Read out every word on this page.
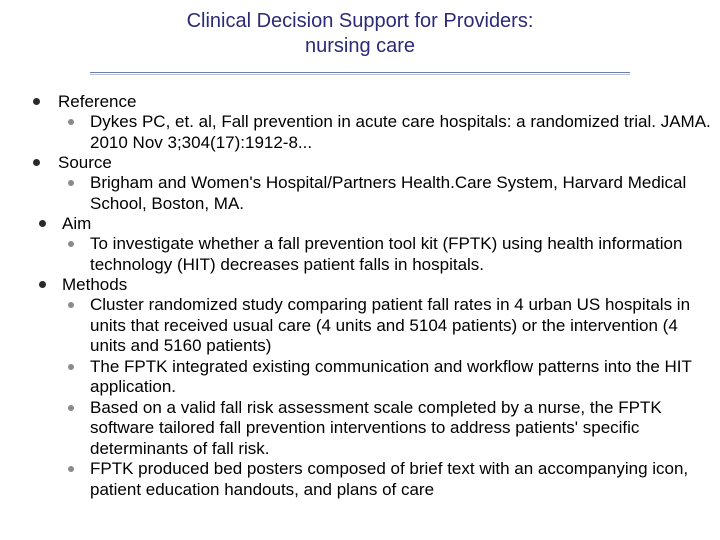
Clinical Decision Support for Providers:
nursing care
Reference
Dykes PC, et. al, Fall prevention in acute care hospitals: a randomized trial. JAMA. 2010 Nov 3;304(17):1912-8...
Source
Brigham and Women's Hospital/Partners Health.Care System, Harvard Medical School, Boston, MA.
Aim
To investigate whether a fall prevention tool kit (FPTK) using health information technology (HIT) decreases patient falls in hospitals.
Methods
Cluster randomized study comparing patient fall rates in 4 urban US hospitals in units that received usual care (4 units and 5104 patients) or the intervention (4 units and 5160 patients)
The FPTK integrated existing communication and workflow patterns into the HIT application.
Based on a valid fall risk assessment scale completed by a nurse, the FPTK software tailored fall prevention interventions to address patients' specific determinants of fall risk.
FPTK produced bed posters composed of brief text with an accompanying icon, patient education handouts, and plans of care
